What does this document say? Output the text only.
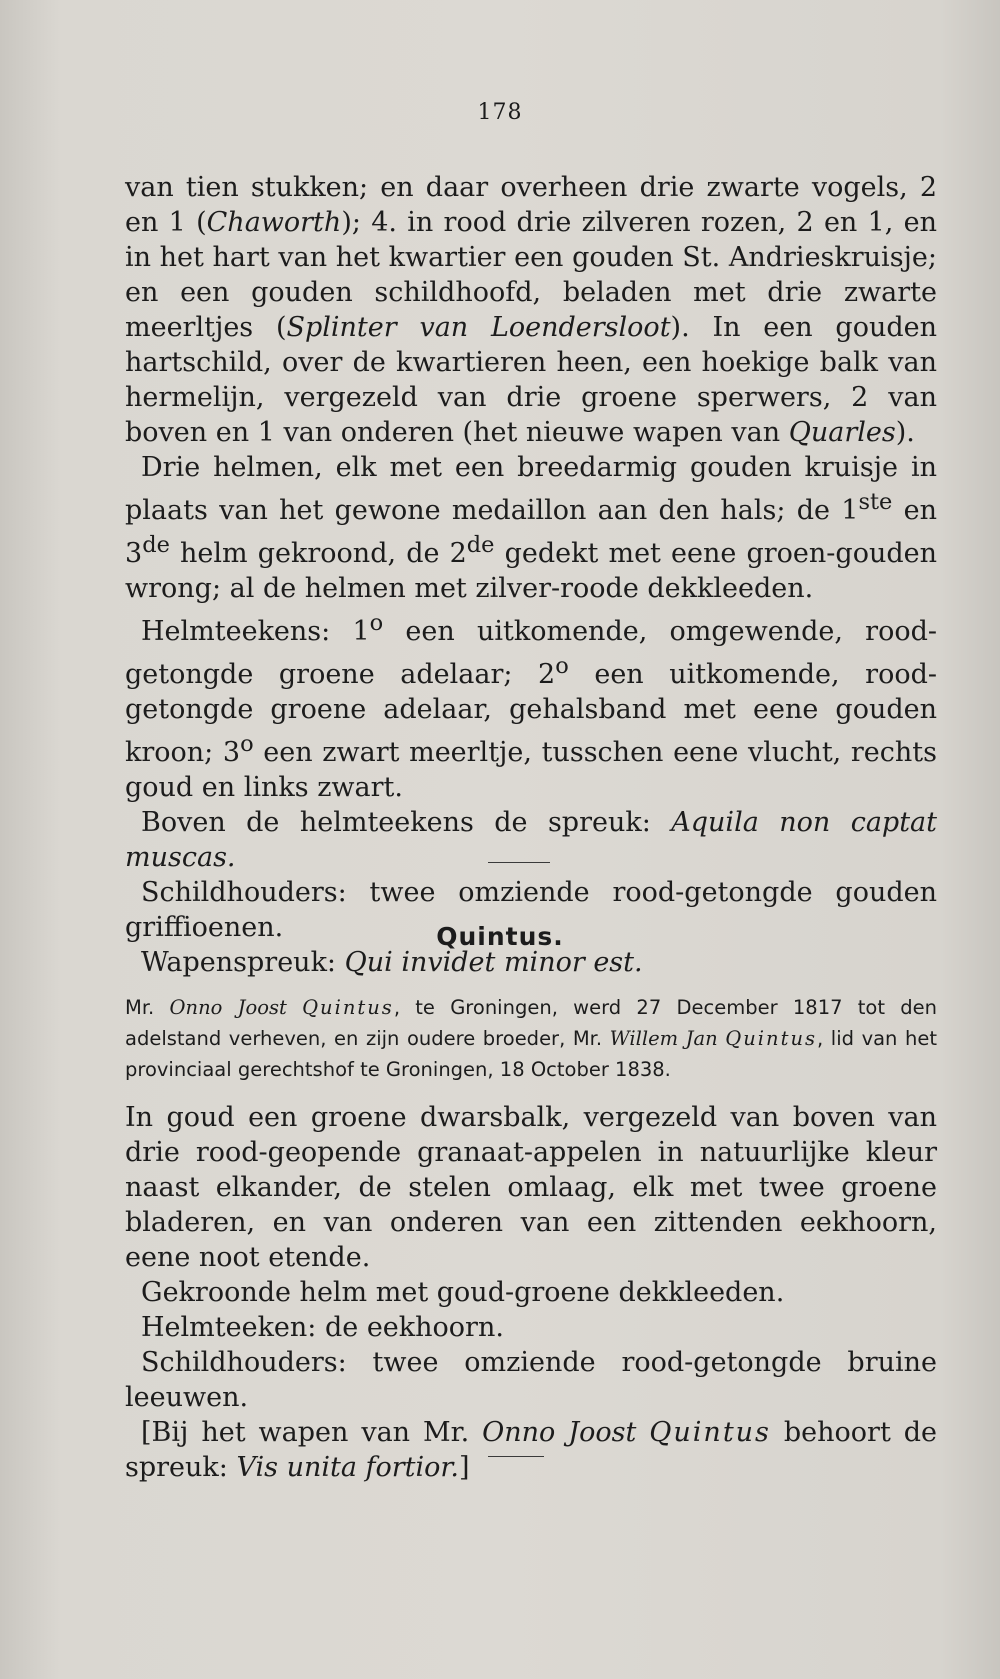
178

van tien stukken; en daar overheen drie zwarte vogels, 2 en 1 (Chaworth); 4. in rood drie zilveren rozen, 2 en 1, en in het hart van het kwartier een gouden St. Andrieskruisje; en een gouden schildhoofd, beladen met drie zwarte meerltjes (Splinter van Loendersloot). In een gouden hartschild, over de kwartieren heen, een hoekige balk van hermelijn, vergezeld van drie groene sperwers, 2 van boven en 1 van onderen (het nieuwe wapen van Quarles).

Drie helmen, elk met een breedarmig gouden kruisje in plaats van het gewone medaillon aan den hals; de 1ste en 3de helm gekroond, de 2de gedekt met eene groen-gouden wrong; al de helmen met zilver-roode dekkleeden.

Helmteekens: 1$^o$ een uitkomende, omgewende, rood-getongde groene adelaar; 2$^o$ een uitkomende, rood-getongde groene adelaar, gehalsband met eene gouden kroon; 3$^o$ een zwart meerltje, tusschen eene vlucht, rechts goud en links zwart.

Boven de helmteekens de spreuk: Aquila non captat muscas.

Schildhouders: twee omziende rood-getongde gouden griffioenen.

Wapenspreuk: Qui invidet minor est.

Quintus.

Mr. Onno Joost Quintus, te Groningen, werd 27 December 1817 tot den adelstand verheven, en zijn oudere broeder, Mr. Willem Jan Quintus, lid van het provinciaal gerechtshof te Groningen, 18 October 1838.

In goud een groene dwarsbalk, vergezeld van boven van drie rood-geopende granaat-appelen in natuurlijke kleur naast elkander, de stelen omlaag, elk met twee groene bladeren, en van onderen van een zittenden eekhoorn, eene noot etende.

Gekroonde helm met goud-groene dekkleeden.

Helmteeken: de eekhoorn.

Schildhouders: twee omziende rood-getongde bruine leeuwen.

[Bij het wapen van Mr. Onno Joost Quintus behoort de spreuk: Vis unita fortior.]
